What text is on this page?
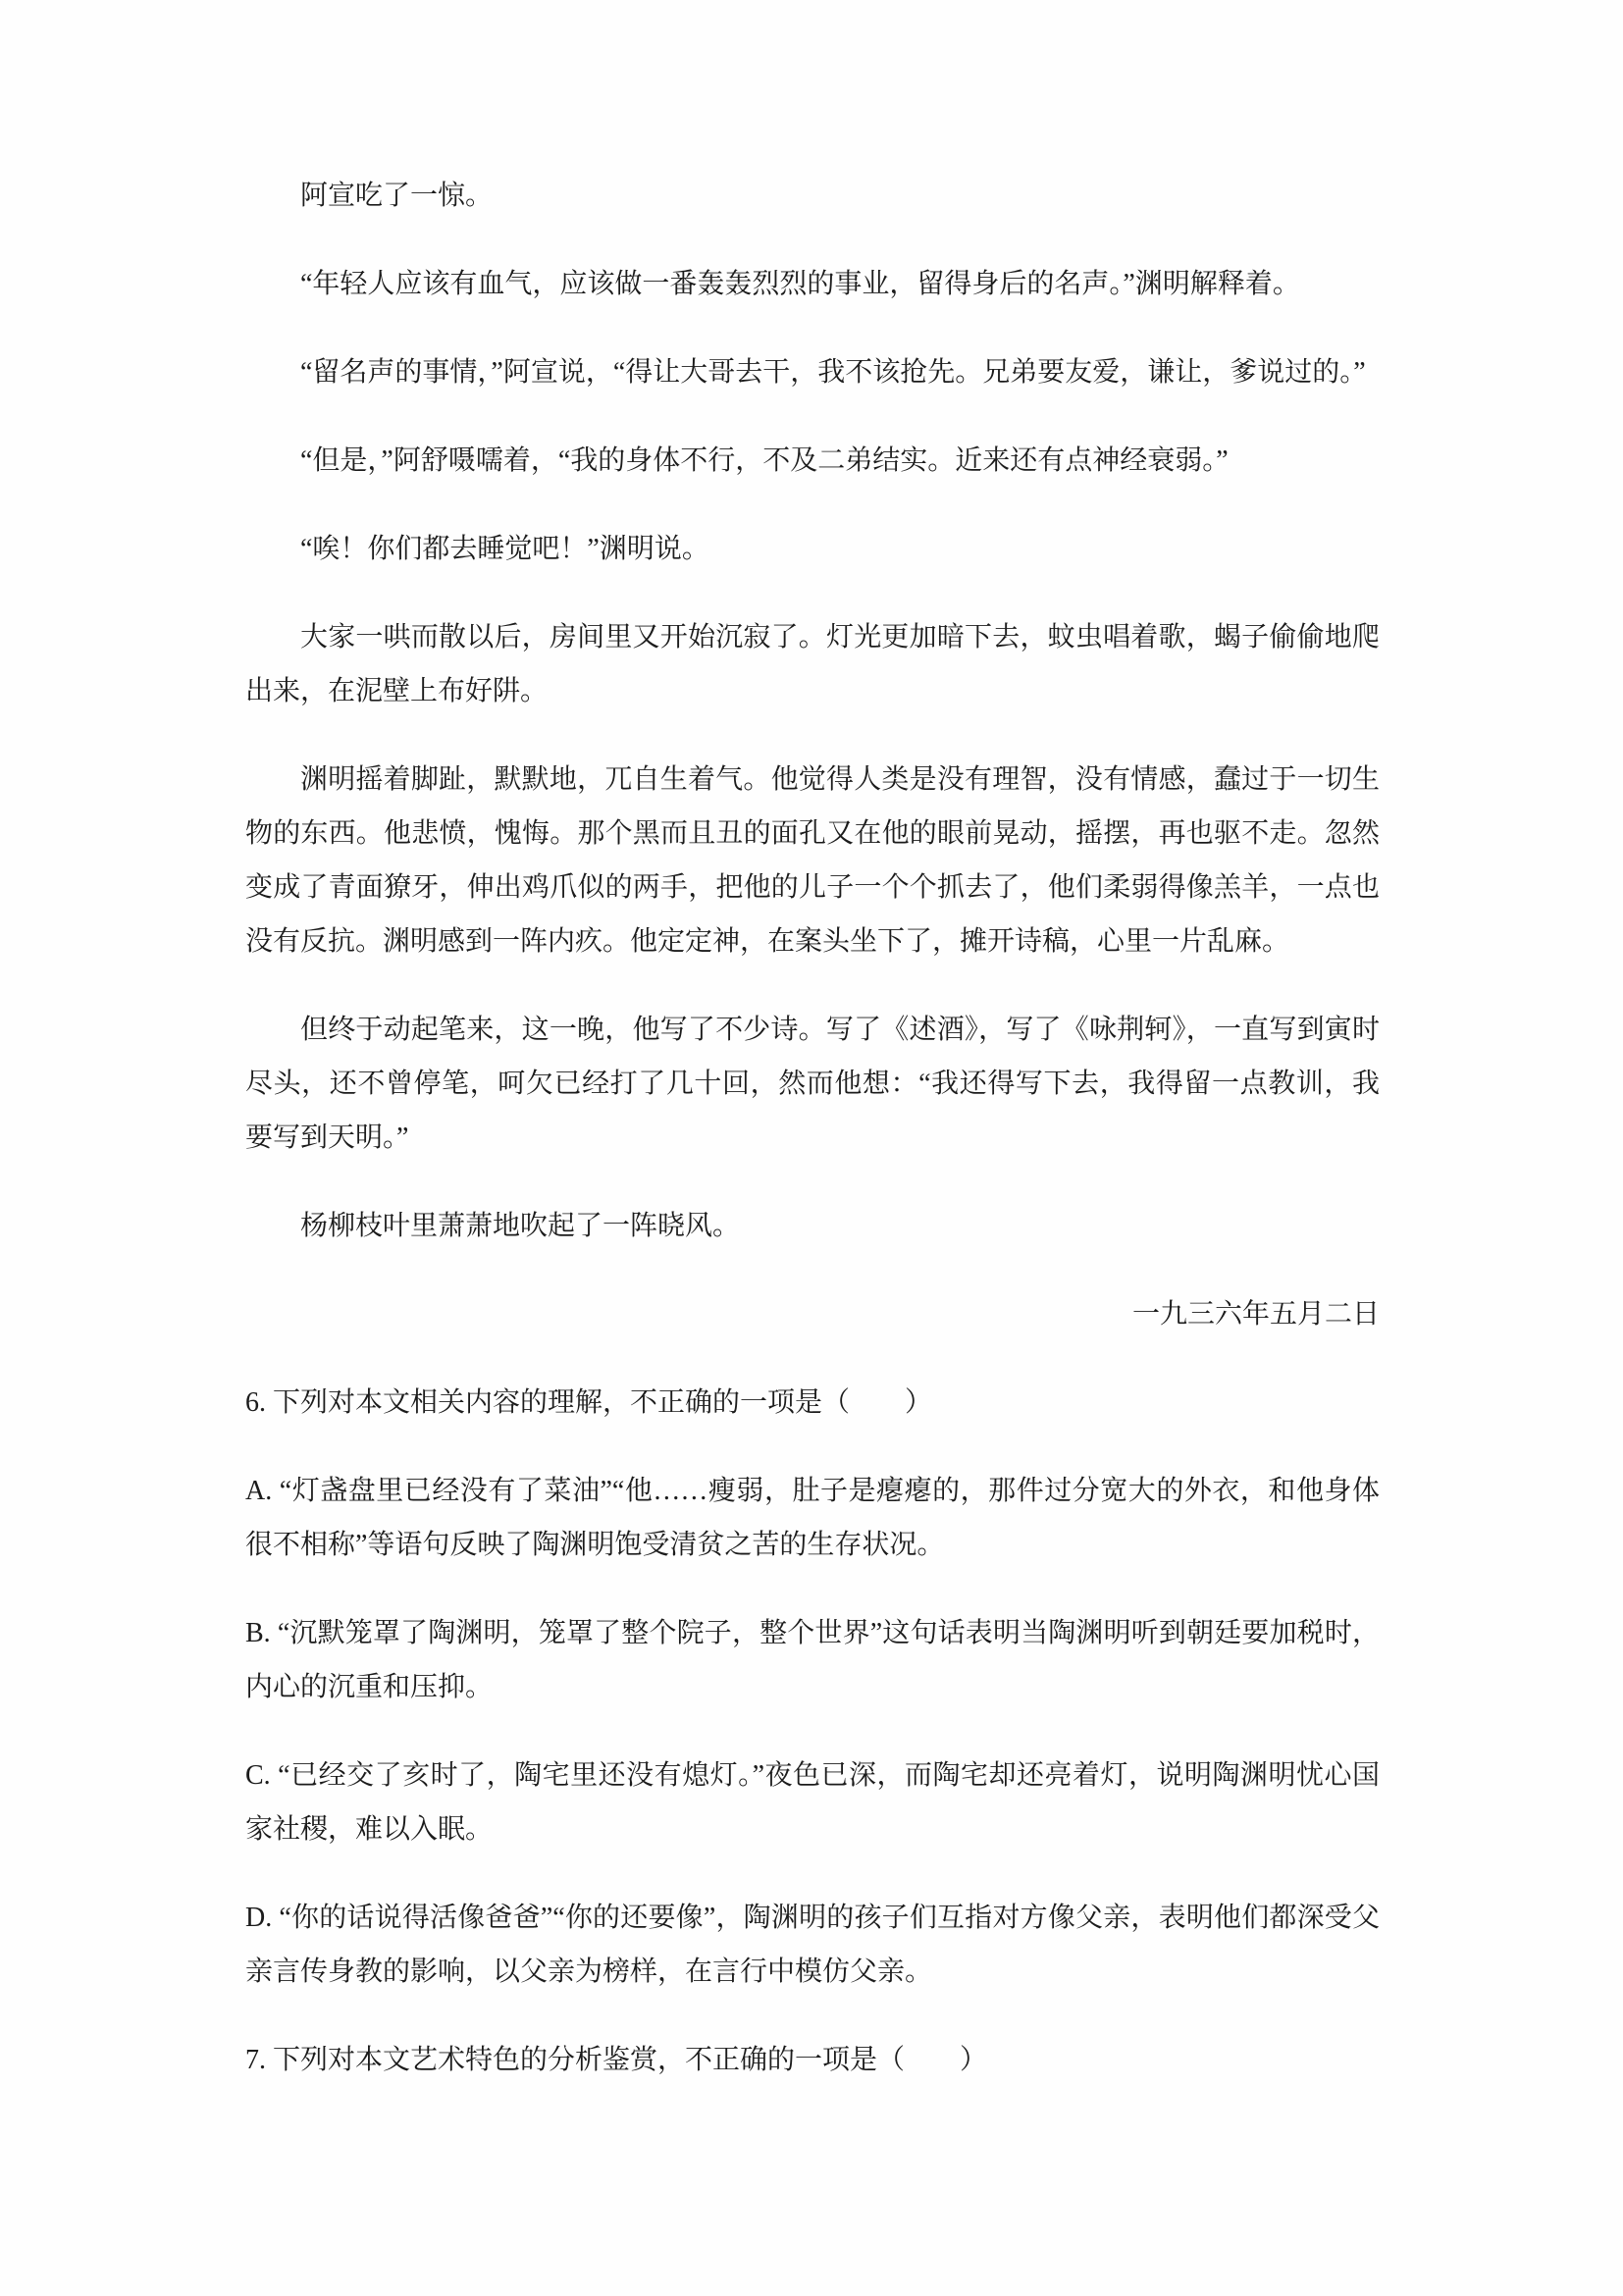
阿宣吃了一惊。

“年轻人应该有血气，应该做一番轰轰烈烈的事业，留得身后的名声。”渊明解释着。

“留名声的事情，”阿宣说，“得让大哥去干，我不该抢先。兄弟要友爱，谦让，爹说过的。”

“但是，”阿舒嗫嚅着，“我的身体不行，不及二弟结实。近来还有点神经衰弱。”

“唉！你们都去睡觉吧！”渊明说。

大家一哄而散以后，房间里又开始沉寂了。灯光更加暗下去，蚊虫唱着歌，蝎子偷偷地爬出来，在泥壁上布好阱。

渊明摇着脚趾，默默地，兀自生着气。他觉得人类是没有理智，没有情感，蠢过于一切生物的东西。他悲愤，愧悔。那个黑而且丑的面孔又在他的眼前晃动，摇摆，再也驱不走。忽然变成了青面獠牙，伸出鸡爪似的两手，把他的儿子一个个抓去了，他们柔弱得像羔羊，一点也没有反抗。渊明感到一阵内疚。他定定神，在案头坐下了，摊开诗稿，心里一片乱麻。

但终于动起笔来，这一晚，他写了不少诗。写了《述酒》，写了《咏荆轲》，一直写到寅时尽头，还不曾停笔，呵欠已经打了几十回，然而他想：“我还得写下去，我得留一点教训，我要写到天明。”

杨柳枝叶里萧萧地吹起了一阵晓风。

一九三六年五月二日

6. 下列对本文相关内容的理解，不正确的一项是（　　）

A. “灯盏盘里已经没有了菜油”“他……瘦弱，肚子是瘪瘪的，那件过分宽大的外衣，和他身体很不相称”等语句反映了陶渊明饱受清贫之苦的生存状况。

B. “沉默笼罩了陶渊明，笼罩了整个院子，整个世界”这句话表明当陶渊明听到朝廷要加税时，内心的沉重和压抑。

C. “已经交了亥时了，陶宅里还没有熄灯。”夜色已深，而陶宅却还亮着灯，说明陶渊明忧心国家社稷，难以入眠。

D. “你的话说得活像爸爸”“你的还要像”，陶渊明的孩子们互指对方像父亲，表明他们都深受父亲言传身教的影响，以父亲为榜样，在言行中模仿父亲。

7. 下列对本文艺术特色的分析鉴赏，不正确的一项是（　　）
